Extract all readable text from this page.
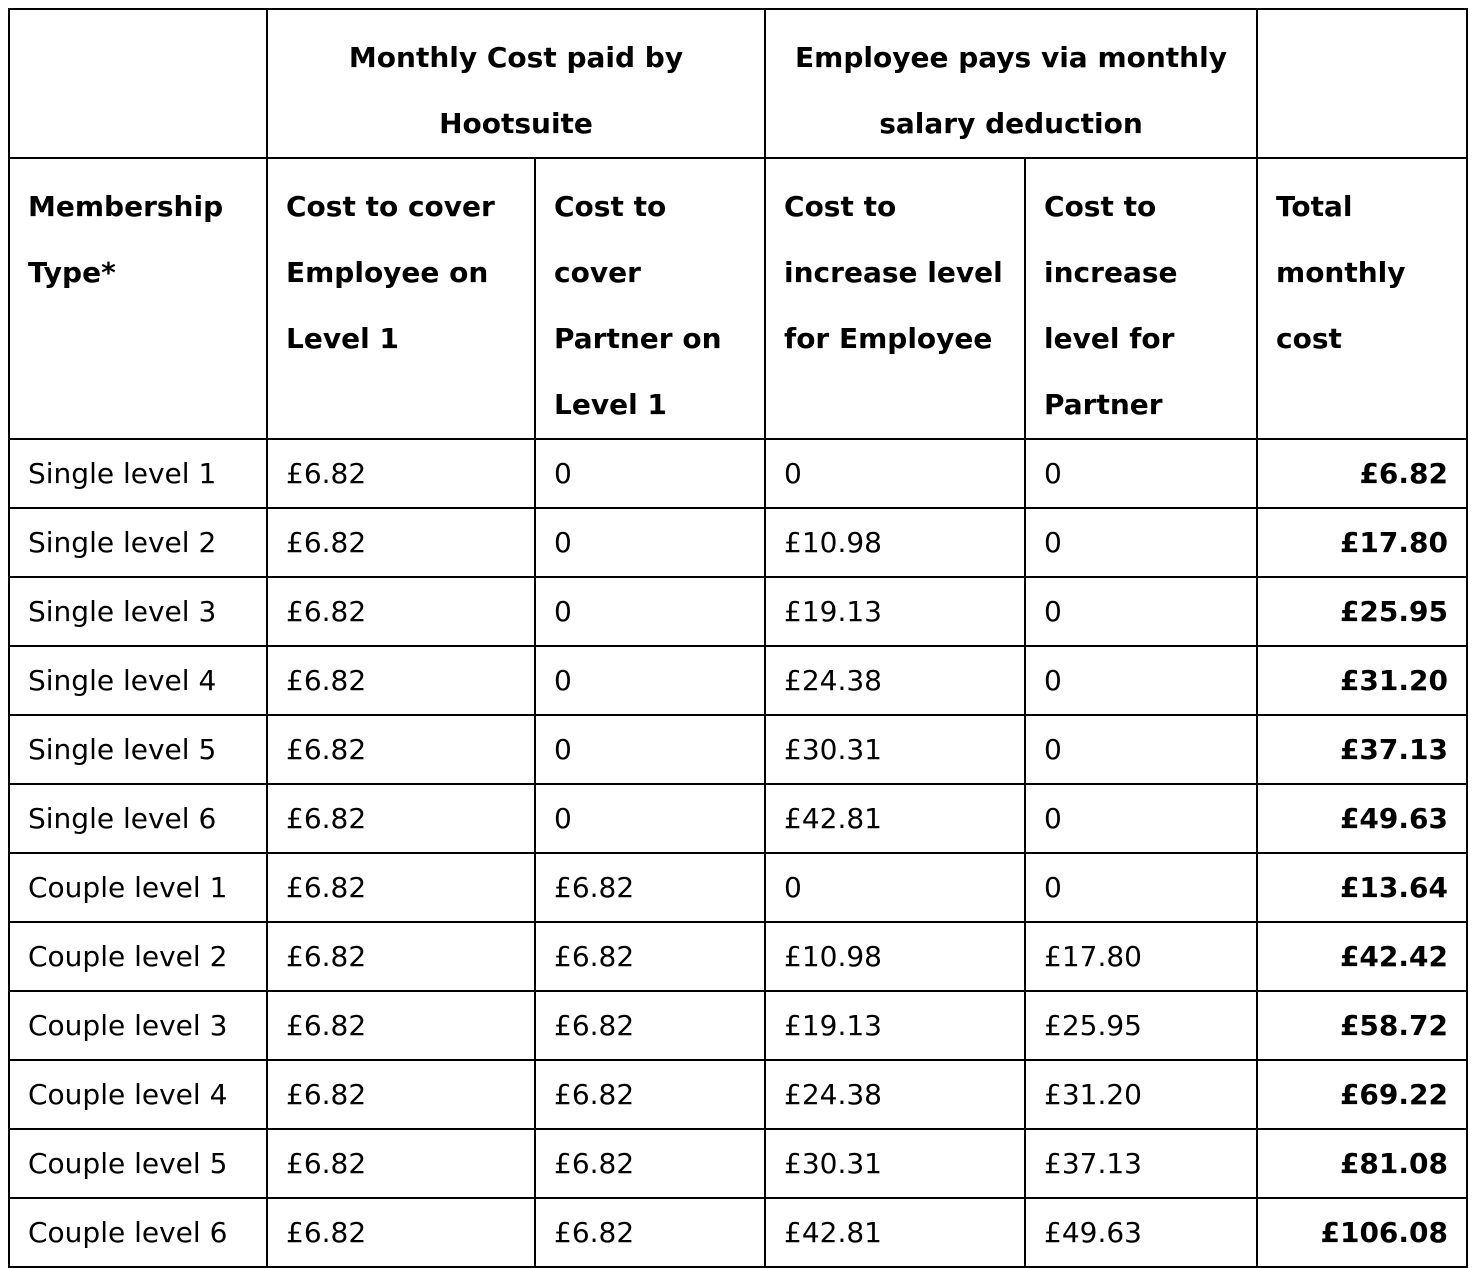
	Monthly Cost paid by Hootsuite		Employee pays via monthly salary deduction		
Membership Type*	Cost to cover Employee on Level 1	Cost to cover Partner on Level 1	Cost to increase level for Employee	Cost to increase level for Partner	Total monthly cost
Single level 1	£6.82	0	0	0	£6.82
Single level 2	£6.82	0	£10.98	0	£17.80
Single level 3	£6.82	0	£19.13	0	£25.95
Single level 4	£6.82	0	£24.38	0	£31.20
Single level 5	£6.82	0	£30.31	0	£37.13
Single level 6	£6.82	0	£42.81	0	£49.63
Couple level 1	£6.82	£6.82	0	0	£13.64
Couple level 2	£6.82	£6.82	£10.98	£17.80	£42.42
Couple level 3	£6.82	£6.82	£19.13	£25.95	£58.72
Couple level 4	£6.82	£6.82	£24.38	£31.20	£69.22
Couple level 5	£6.82	£6.82	£30.31	£37.13	£81.08
Couple level 6	£6.82	£6.82	£42.81	£49.63	£106.08
